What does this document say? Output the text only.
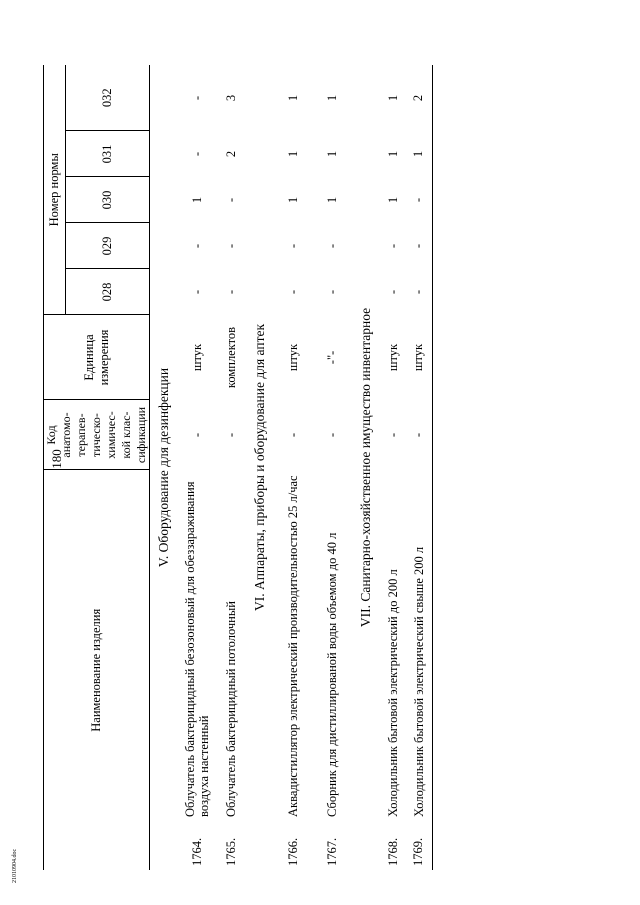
180
21010904.doc
Наименование изделия		Код анатомо-терапев-тическо-химичес-кой клас-сификации	Единица измерения	Номер нормы				
				028	029	030	031	032
V. Оборудование для дезинфекции								
1764.	Облучатель бактерицидный безозоновый для обеззараживания воздуха настенный	-	штук	-	-	1	-	-
1765.	Облучатель бактерицидный потолочный	-	комплектов	-	-	-	2	3
VI. Аппараты, приборы и оборудование для аптек								
1766.	Аквадистиллятор электрический производительностью 25 л/час	-	штук	-	-	1	1	1
1767.	Сборник для дистиллированой воды объемом до 40 л	-	-"-	-	-	1	1	1
VII. Санитарно-хозяйственное имущество инвентарное								
1768.	Холодильник бытовой электрический до 200 л	-	штук	-	-	1	1	1
1769.	Холодильник бытовой электрический свыше 200 л	-	штук	-	-	-	1	2
